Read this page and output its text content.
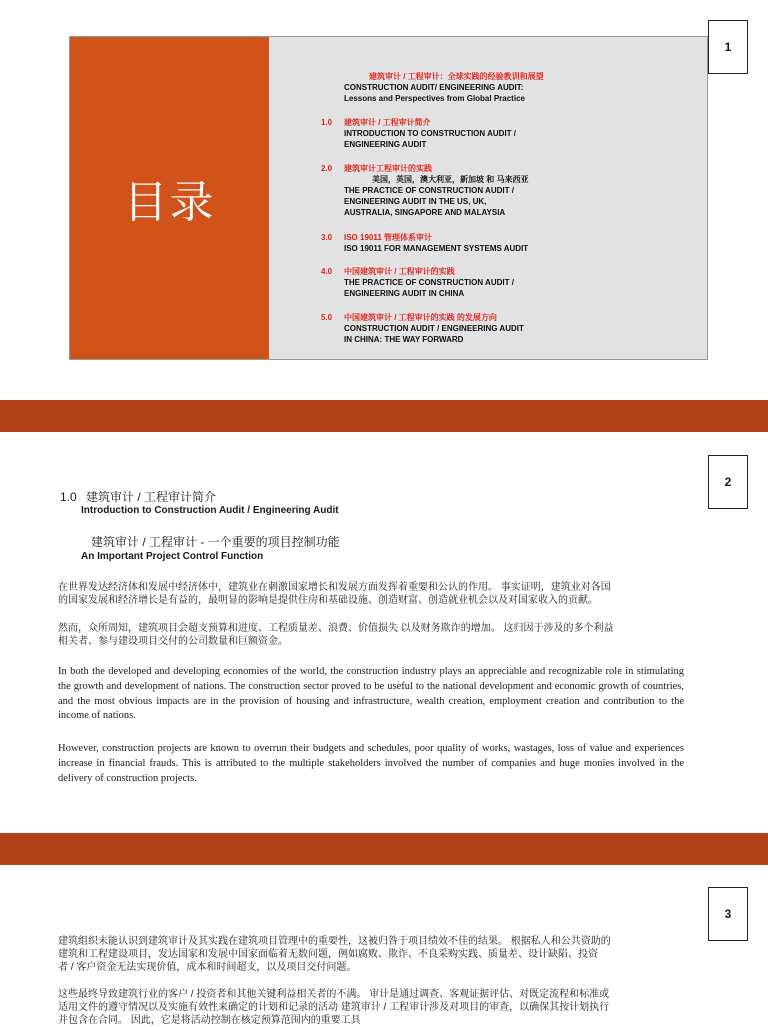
1
目录
建筑审计 / 工程审计：全球实践的经验教训和展望
CONSTRUCTION AUDIT/ ENGINEERING AUDIT:
Lessons and Perspectives from Global Practice
1.0 建筑审计 / 工程审计简介
INTRODUCTION TO CONSTRUCTION AUDIT /
ENGINEERING AUDIT
2.0 建筑审计工程审计的实践
美国，英国，澳大利亚，新加坡 和 马来西亚
THE PRACTICE OF CONSTRUCTION AUDIT /
ENGINEERING AUDIT IN THE US, UK,
AUSTRALIA, SINGAPORE AND MALAYSIA
3.0 ISO 19011 管理体系审计
ISO 19011 FOR MANAGEMENT SYSTEMS AUDIT
4.0 中国建筑审计 / 工程审计的实践
THE PRACTICE OF CONSTRUCTION AUDIT /
ENGINEERING AUDIT IN CHINA
5.0 中国建筑审计 / 工程审计的实践 的发展方向
CONSTRUCTION AUDIT / ENGINEERING AUDIT
IN CHINA: THE WAY FORWARD
2
1.0 建筑审计 / 工程审计简介
Introduction to Construction Audit / Engineering Audit
建筑审计 / 工程审计 - 一个重要的项目控制功能
An Important Project Control Function
在世界发达经济体和发展中经济体中，建筑业在刺激国家增长和发展方面发挥着重要和公认的作用。 事实证明，建筑业对各国
的国家发展和经济增长是有益的，最明显的影响是提供住房和基础设施、创造财富、创造就业机会以及对国家收入的贡献。
然而，众所周知，建筑项目会超支预算和进度、工程质量差、浪费、价值损失 以及财务欺诈的增加。 这归因于涉及的多个利益
相关者、参与建设项目交付的公司数量和巨额资金。
In both the developed and developing economies of the world, the construction industry plays an appreciable and recognizable role in stimulating the growth and development of nations. The construction sector proved to be useful to the national development and economic growth of countries, and the most obvious impacts are in the provision of housing and infrastructure, wealth creation, employment creation and contribution to the income of nations.
However, construction projects are known to overrun their budgets and schedules, poor quality of works, wastages, loss of value and experiences increase in financial frauds. This is attributed to the multiple stakeholders involved the number of companies and huge monies involved in the delivery of construction projects.
3
建筑组织未能认识到建筑审计及其实践在建筑项目管理中的重要性，这被归咎于项目绩效不佳的结果。 根据私人和公共资助的
建筑和工程建设项目，发达国家和发展中国家面临着无数问题，例如腐败、欺诈、不良采购实践、质量差、设计缺陷、投资
者 / 客户资金无法实现价值，成本和时间超支，以及项目交付问题。
这些最终导致建筑行业的客户 / 投资者和其他关键利益相关者的不满。 审计是通过调查、客观证据评估、对既定流程和标准或
适用文件的遵守情况以及实施有效性来确定的计划和记录的活动 建筑审计 / 工程审计涉及对项目的审查，以确保其按计划执行
并包含在合同。 因此，它是将活动控制在核定预算范围内的重要工具
